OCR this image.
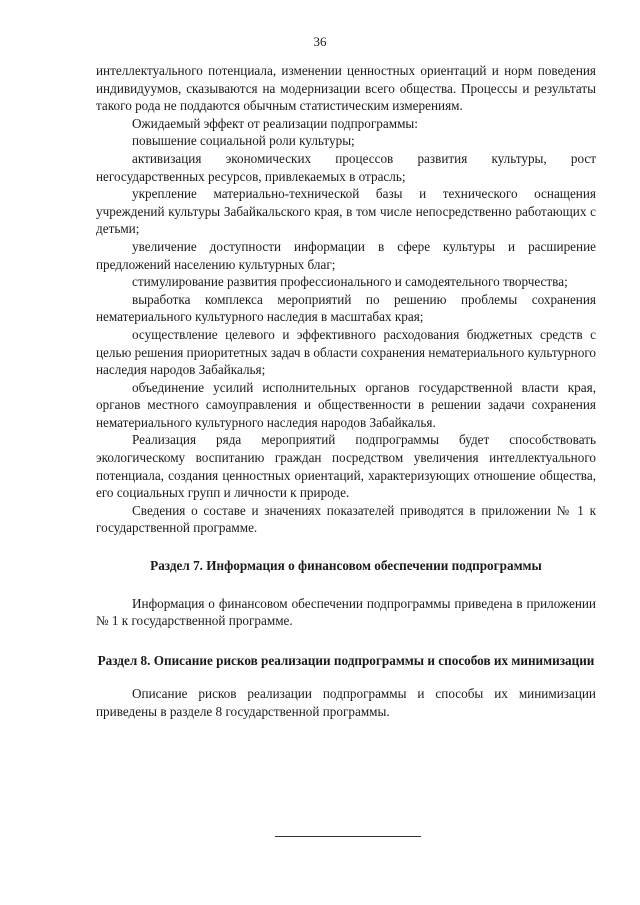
36

интеллектуального потенциала, изменении ценностных ориентаций и норм поведения индивидуумов, сказываются на модернизации всего общества. Процессы и результаты такого рода не поддаются обычным статистическим измерениям.

Ожидаемый эффект от реализации подпрограммы:

повышение социальной роли культуры;

активизация экономических процессов развития культуры, рост негосударственных ресурсов, привлекаемых в отрасль;

укрепление материально-технической базы и технического оснащения учреждений культуры Забайкальского края, в том числе непосредственно работающих с детьми;

увеличение доступности информации в сфере культуры и расширение предложений населению культурных благ;

стимулирование развития профессионального и самодеятельного творчества;

выработка комплекса мероприятий по решению проблемы сохранения нематериального культурного наследия в масштабах края;

осуществление целевого и эффективного расходования бюджетных средств с целью решения приоритетных задач в области сохранения нематериального культурного наследия народов Забайкалья;

объединение усилий исполнительных органов государственной власти края, органов местного самоуправления и общественности в решении задачи сохранения нематериального культурного наследия народов Забайкалья.

Реализация ряда мероприятий подпрограммы будет способствовать экологическому воспитанию граждан посредством увеличения интеллектуального потенциала, создания ценностных ориентаций, характеризующих отношение общества, его социальных групп и личности к природе.

Сведения о составе и значениях показателей приводятся в приложении № 1 к государственной программе.

Раздел 7. Информация о финансовом обеспечении подпрограммы

Информация о финансовом обеспечении подпрограммы приведена в приложении № 1 к государственной программе.

Раздел 8. Описание рисков реализации подпрограммы и способов их минимизации

Описание рисков реализации подпрограммы и способы их минимизации приведены в разделе 8 государственной программы.
